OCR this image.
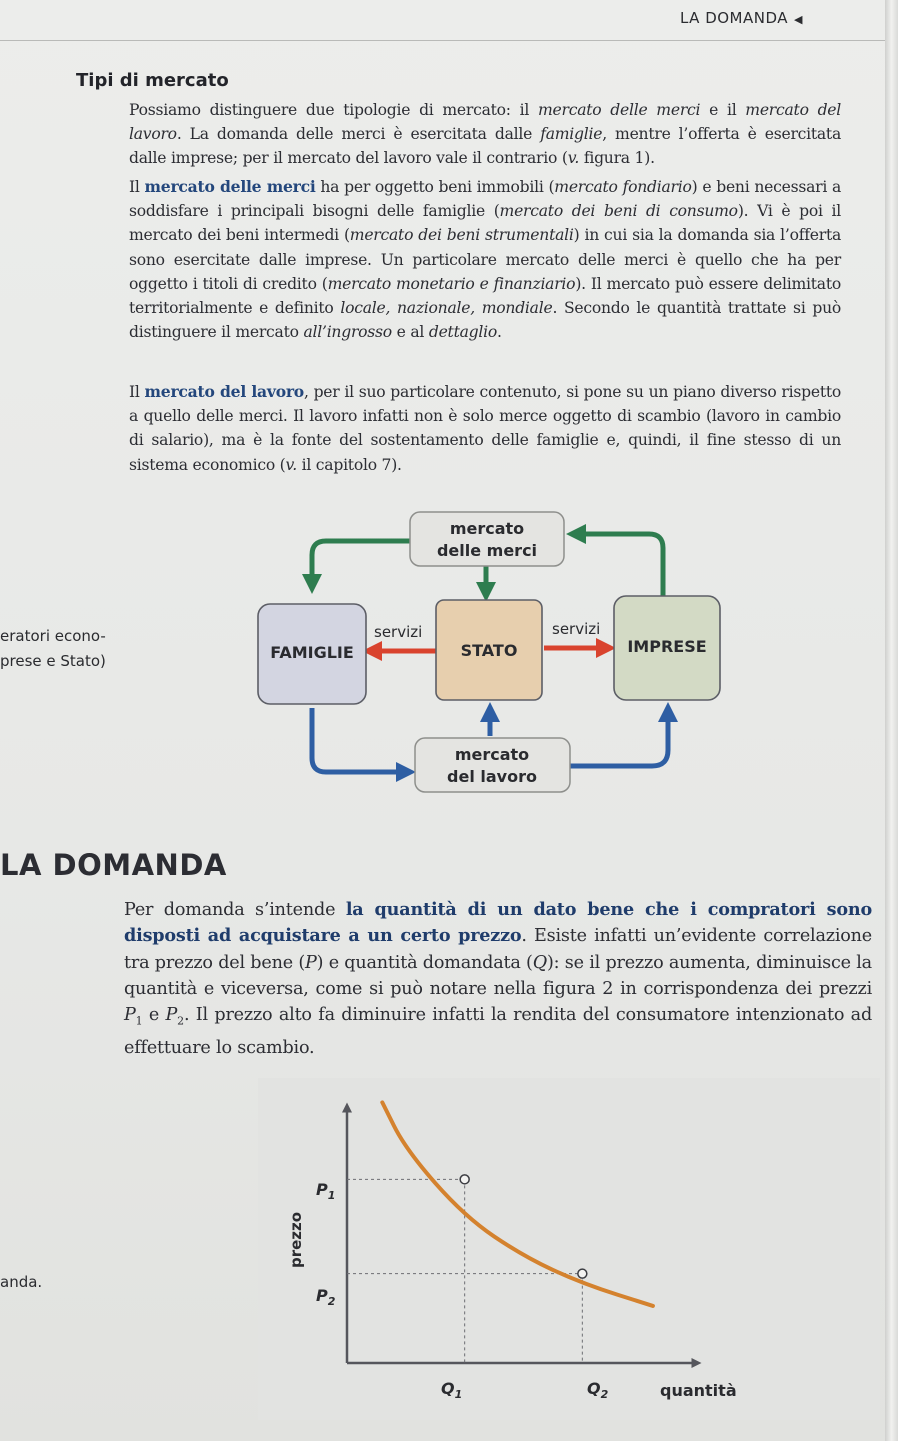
LA DOMANDA ◀
Tipi di mercato
Possiamo distinguere due tipologie di mercato: il mercato delle merci e il mercato del lavoro. La domanda delle merci è esercitata dalle famiglie, mentre l’offerta è esercitata dalle imprese; per il mercato del lavoro vale il contrario (v. figura 1).
Il mercato delle merci ha per oggetto beni immobili (mercato fondiario) e beni necessari a soddisfare i principali bisogni delle famiglie (mercato dei beni di consumo). Vi è poi il mercato dei beni intermedi (mercato dei beni strumentali) in cui sia la domanda sia l’offerta sono esercitate dalle imprese. Un particolare mercato delle merci è quello che ha per oggetto i titoli di credito (mercato monetario e finanziario). Il mercato può essere delimitato territorialmente e definito locale, nazionale, mondiale. Secondo le quantità trattate si può distinguere il mercato all’ingrosso e al dettaglio.
Il mercato del lavoro, per il suo particolare contenuto, si pone su un piano diverso rispetto a quello delle merci. Il lavoro infatti non è solo merce oggetto di scambio (lavoro in cambio di salario), ma è la fonte del sostentamento delle famiglie e, quindi, il fine stesso di un sistema economico (v. il capitolo 7).
eratori econo-
prese e Stato)
mercato
delle merci
FAMIGLIE	STATO	IMPRESE
mercato
del lavoro
servizi	servizi
LA DOMANDA
Per domanda s’intende la quantità di un dato bene che i compratori sono disposti ad acquistare a un certo prezzo. Esiste infatti un’evidente correlazione tra prezzo del bene (P) e quantità domandata (Q): se il prezzo aumenta, diminuisce la quantità e viceversa, come si può notare nella figura 2 in corrispondenza dei prezzi $P_1$ e $P_2$. Il prezzo alto fa diminuire infatti la rendita del consumatore intenzionato ad effettuare lo scambio.
anda.
prezzo
quantità
$P_1$
$P_2$
$Q_1$	$Q_2$
